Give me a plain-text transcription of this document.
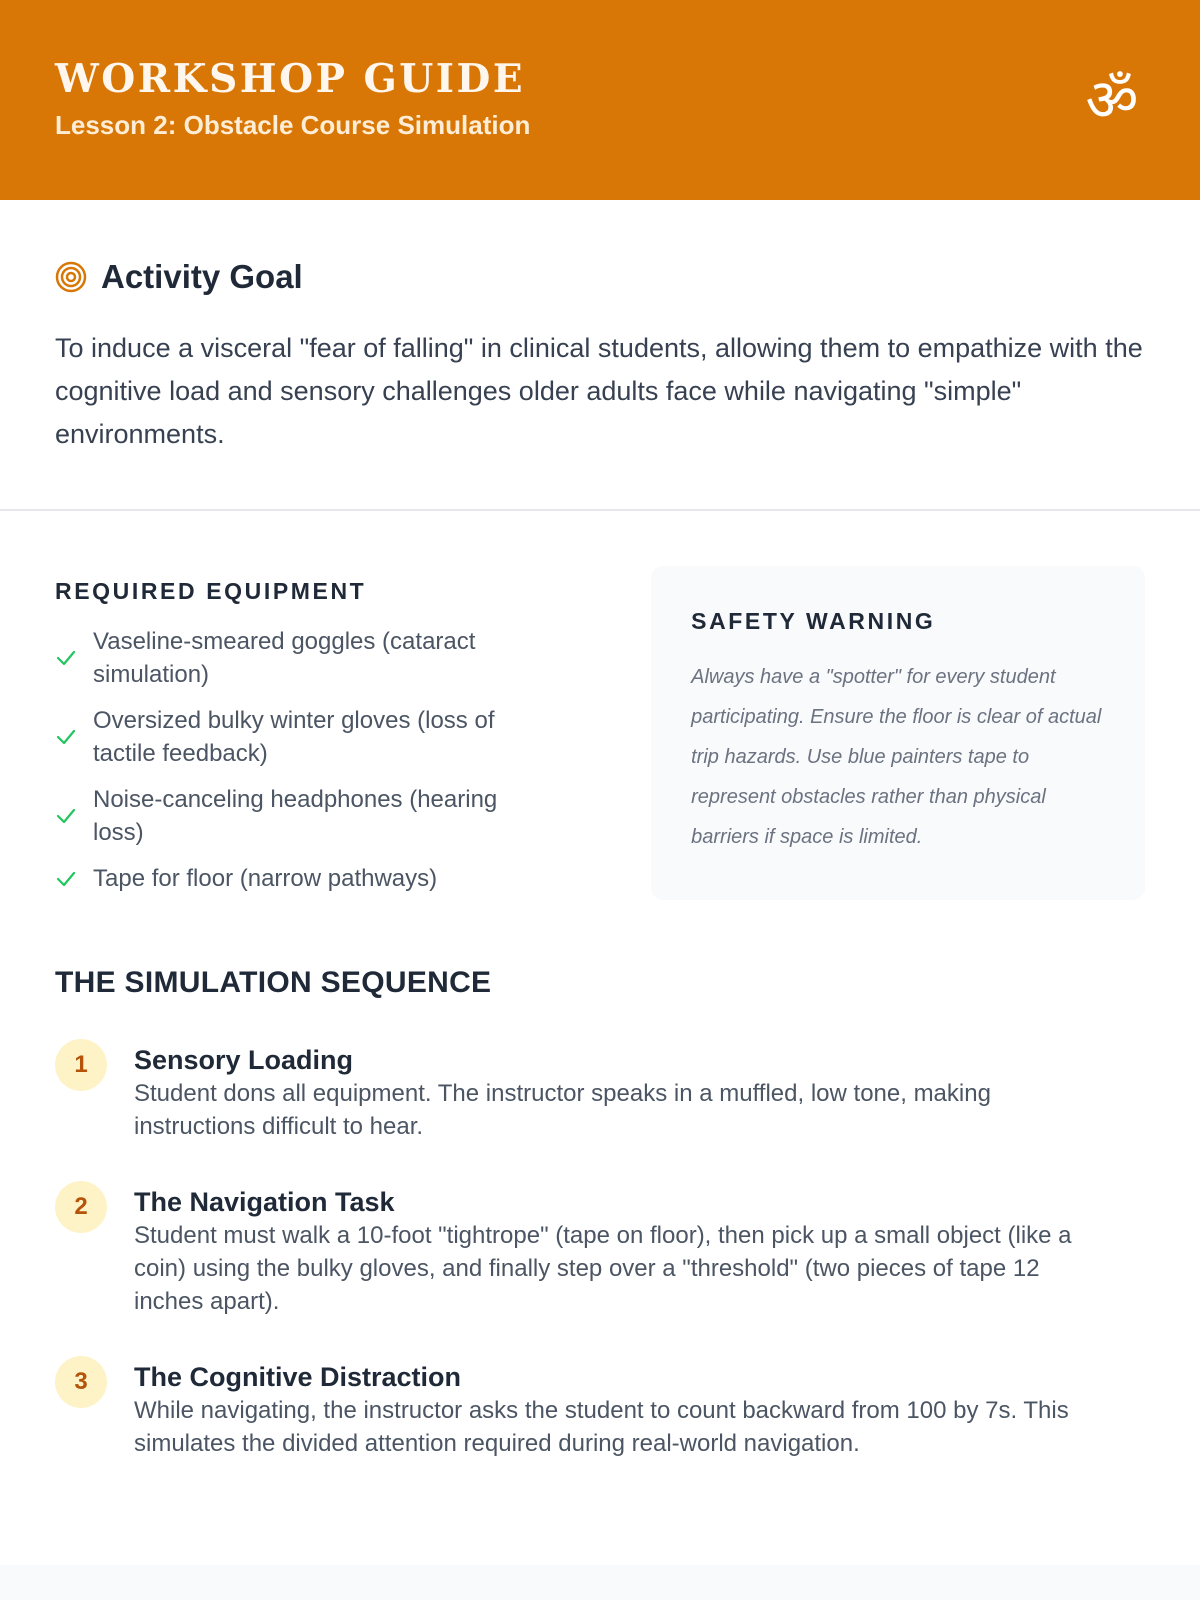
WORKSHOP GUIDE
Lesson 2: Obstacle Course Simulation	ॐ
Activity Goal

To induce a visceral "fear of falling" in clinical students, allowing them to empathize with the cognitive load and sensory challenges older adults face while navigating "simple" environments.

REQUIRED EQUIPMENT
Vaseline-smeared goggles (cataract simulation)
Oversized bulky winter gloves (loss of tactile feedback)
Noise-canceling headphones (hearing loss)
Tape for floor (narrow pathways)
SAFETY WARNING

Always have a "spotter" for every student participating. Ensure the floor is clear of actual trip hazards. Use blue painters tape to represent obstacles rather than physical barriers if space is limited.

THE SIMULATION SEQUENCE
1	Sensory Loading
Student dons all equipment. The instructor speaks in a muffled, low tone, making instructions difficult to hear.
2	The Navigation Task
Student must walk a 10-foot "tightrope" (tape on floor), then pick up a small object (like a coin) using the bulky gloves, and finally step over a "threshold" (two pieces of tape 12 inches apart).
3	The Cognitive Distraction
While navigating, the instructor asks the student to count backward from 100 by 7s. This simulates the divided attention required during real-world navigation.
